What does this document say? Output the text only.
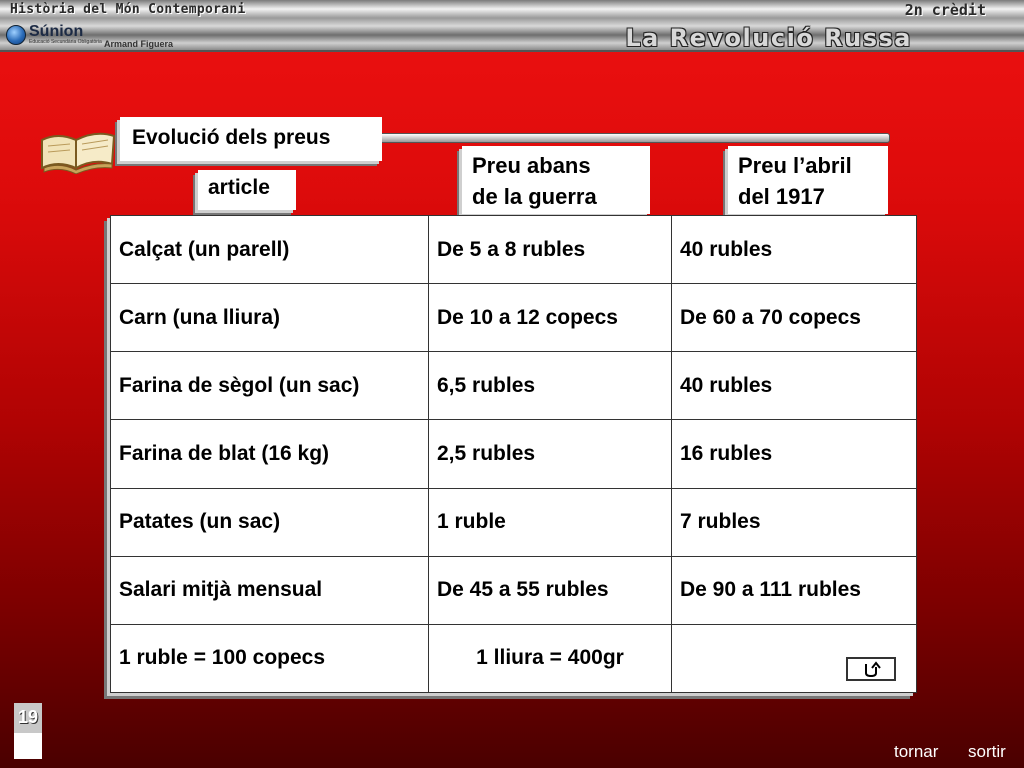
Història del Món Contemporani	2n crèdit
Súnion
Educació Secundària Obligatòria Armand Figuera	La Revolució Russa
Evolució dels preus
article
Preu abans
de la guerra
Preu l’abril
del 1917
Calçat (un parell)	De 5 a 8 rubles	40 rubles
Carn (una lliura)	De 10 a 12 copecs	De 60 a 70 copecs
Farina de sègol (un sac)	6,5 rubles	40 rubles
Farina de blat (16 kg)	2,5 rubles	16 rubles
Patates (un sac)	1 ruble	7 rubles
Salari mitjà mensual	De 45 a 55 rubles	De 90 a 111 rubles
1 ruble = 100 copecs	1 lliura = 400gr	
19
tornar sortir
